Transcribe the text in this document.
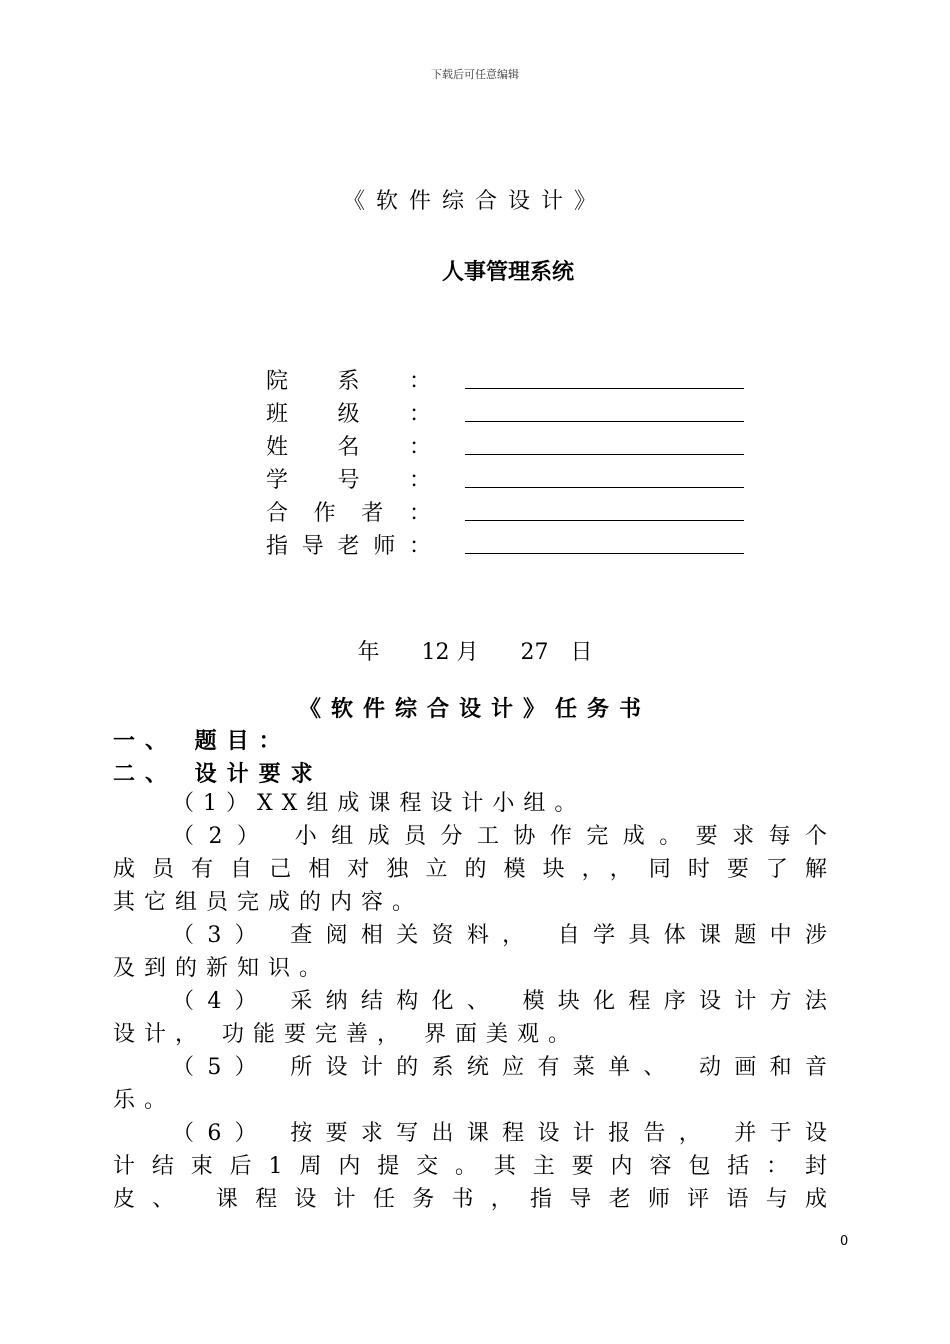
下载后可任意编辑
《软件综合设计》
人事管理系统
院 系 ：
班 级 ：
姓 名 ：
学 号 ：
合 作 者 ：
指 导 老 师 ：
年 12 月 27 日
《软件综合设计》任务书
一、 题目：
二、 设计要求
（1）XX组成课程设计小组。
（2） 小组成员分工协作完成。要求每个
成员有自己相对独立的模块，，同时要了解
其它组员完成的内容。
（3） 查阅相关资料， 自学具体课题中涉
及到的新知识。
（4） 采纳结构化、 模块化程序设计方法
设计， 功能要完善， 界面美观。
（5） 所设计的系统应有菜单、 动画和音
乐。
（6） 按要求写出课程设计报告， 并于设
计结束后1周内提交。其主要内容包括：封
皮、 课程设计任务书，指导老师评语与成
0
